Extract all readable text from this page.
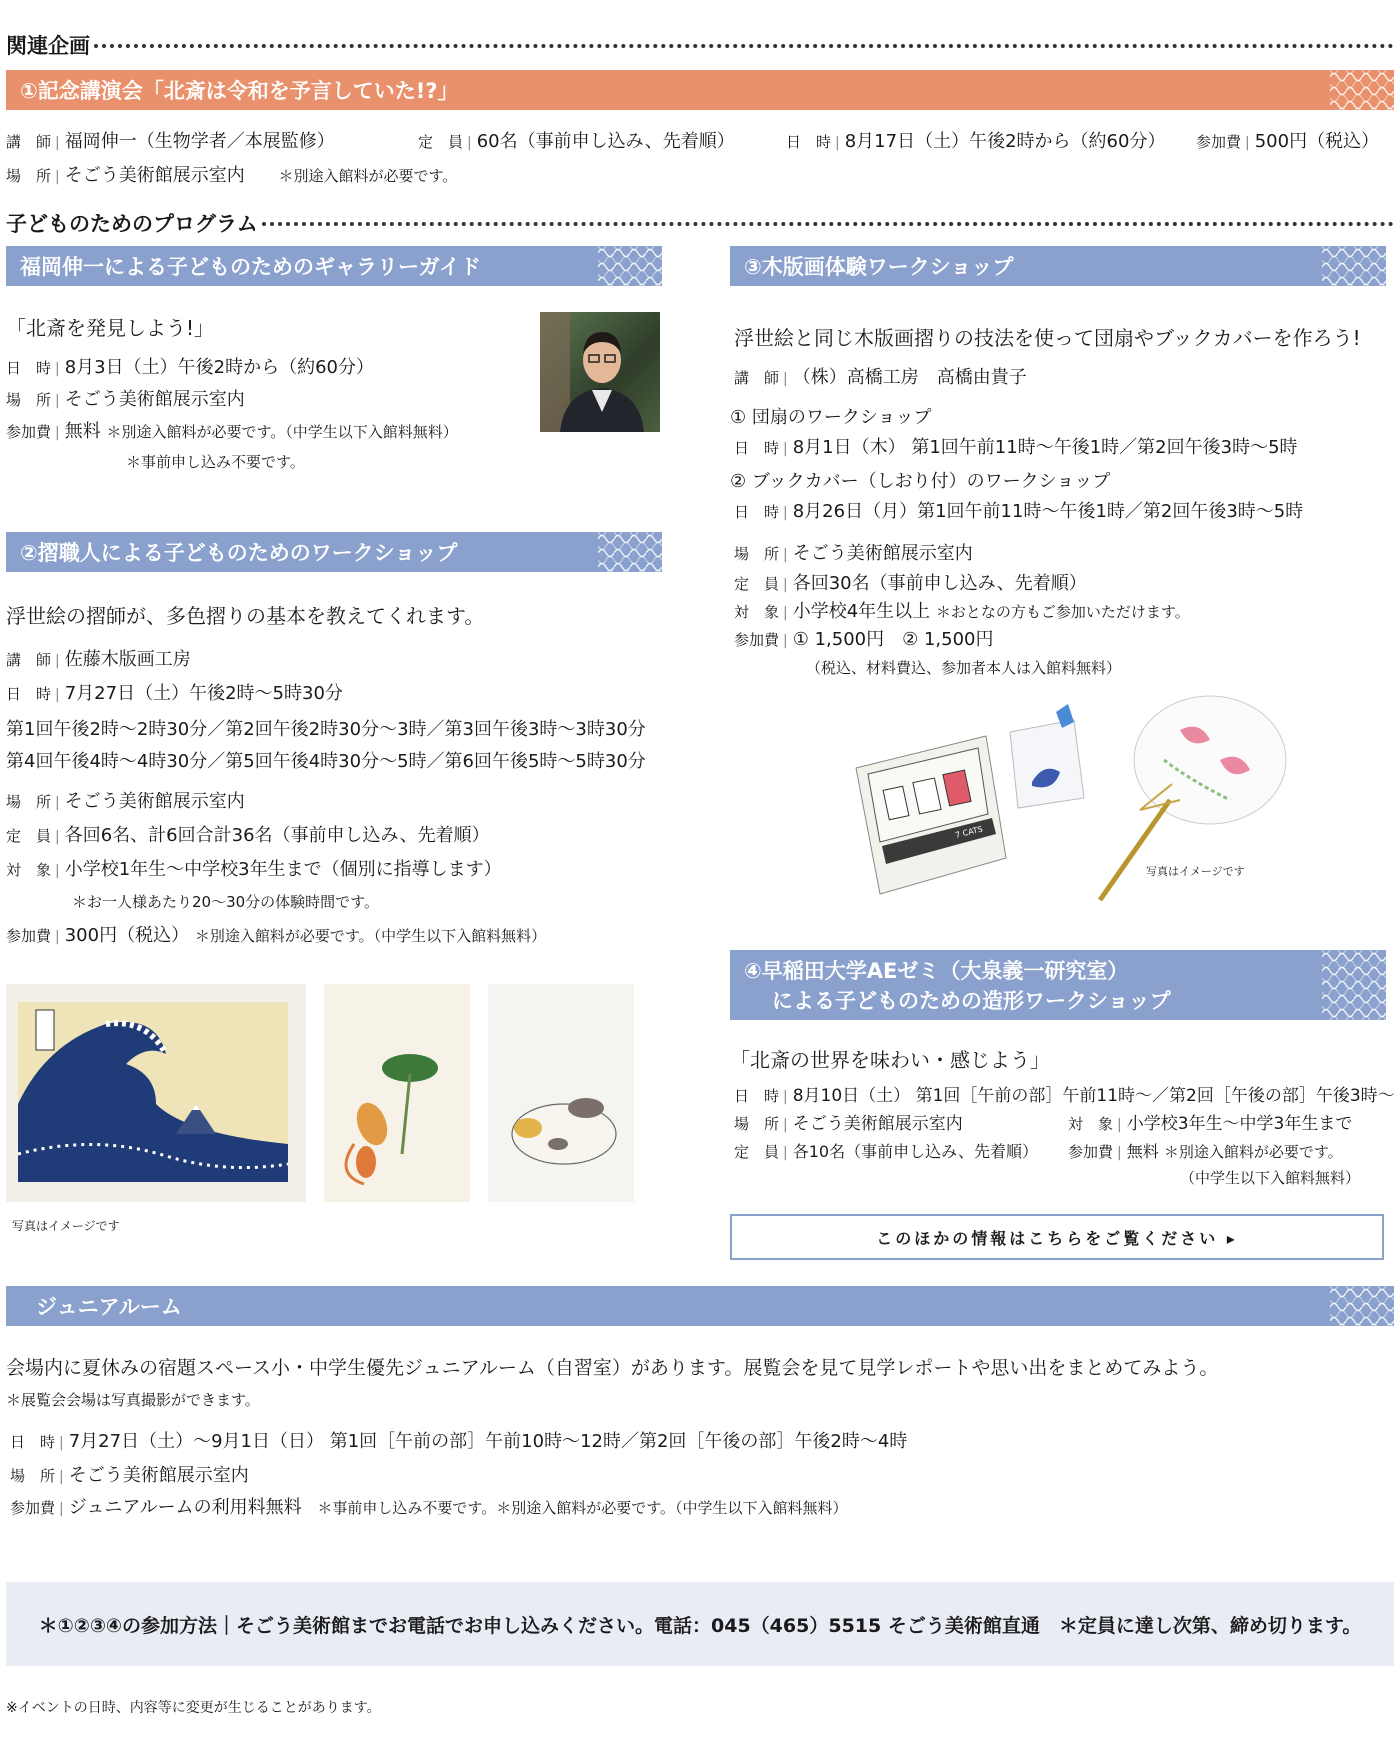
関連企画
①記念講演会「北斎は令和を予言していた!?」
講　師 | 福岡伸一（生物学者／本展監修）	定　員 | 60名（事前申し込み、先着順）	日　時 | 8月17日（土）午後2時から（約60分） 参加費 | 500円（税込）
場　所 | そごう美術館展示室内 ＊別途入館料が必要です。
子どものためのプログラム
福岡伸一による子どものためのギャラリーガイド
「北斎を発見しよう!」
日　時 | 8月3日（土）午後2時から（約60分）
場　所 | そごう美術館展示室内
参加費 | 無料 ＊別途入館料が必要です。（中学生以下入館料無料）
＊事前申し込み不要です。
②摺職人による子どものためのワークショップ
浮世絵の摺師が、多色摺りの基本を教えてくれます。
講　師 | 佐藤木版画工房
日　時 | 7月27日（土）午後2時～5時30分
第1回午後2時～2時30分／第2回午後2時30分～3時／第3回午後3時～3時30分
第4回午後4時～4時30分／第5回午後4時30分～5時／第6回午後5時～5時30分
場　所 | そごう美術館展示室内
定　員 | 各回6名、計6回合計36名（事前申し込み、先着順）
対　象 | 小学校1年生～中学校3年生まで（個別に指導します）
＊お一人様あたり20～30分の体験時間です。
参加費 | 300円（税込） ＊別途入館料が必要です。（中学生以下入館料無料）
写真はイメージです
③木版画体験ワークショップ
浮世絵と同じ木版画摺りの技法を使って団扇やブックカバーを作ろう!
講　師 | （株）高橋工房　高橋由貴子
① 団扇のワークショップ
日　時 | 8月1日（木） 第1回午前11時～午後1時／第2回午後3時～5時
② ブックカバー（しおり付）のワークショップ
日　時 | 8月26日（月）第1回午前11時～午後1時／第2回午後3時～5時
場　所 | そごう美術館展示室内
定　員 | 各回30名（事前申し込み、先着順）
対　象 | 小学校4年生以上 ＊おとなの方もご参加いただけます。
参加費 | ① 1,500円　② 1,500円
（税込、材料費込、参加者本人は入館料無料）
7 CATS
写真はイメージです
④早稲田大学AEゼミ（大泉義一研究室）
による子どものための造形ワークショップ
「北斎の世界を味わい・感じよう」
日　時 | 8月10日（土） 第1回［午前の部］午前11時～／第2回［午後の部］午後3時～
場　所 | そごう美術館展示室内	対　象 | 小学校3年生～中学3年生まで
定　員 | 各10名（事前申し込み、先着順） 参加費 | 無料 ＊別途入館料が必要です。
（中学生以下入館料無料）
このほかの情報はこちらをご覧ください ▸
ジュニアルーム
会場内に夏休みの宿題スペース小・中学生優先ジュニアルーム（自習室）があります。展覧会を見て見学レポートや思い出をまとめてみよう。
＊展覧会会場は写真撮影ができます。
日　時 | 7月27日（土）～9月1日（日） 第1回［午前の部］午前10時～12時／第2回［午後の部］午後2時～4時
場　所 | そごう美術館展示室内
参加費 | ジュニアルームの利用料無料 ＊事前申し込み不要です。＊別途入館料が必要です。（中学生以下入館料無料）
＊①②③④の参加方法｜そごう美術館までお電話でお申し込みください。電話：045（465）5515 そごう美術館直通　＊定員に達し次第、締め切ります。
※イベントの日時、内容等に変更が生じることがあります。
